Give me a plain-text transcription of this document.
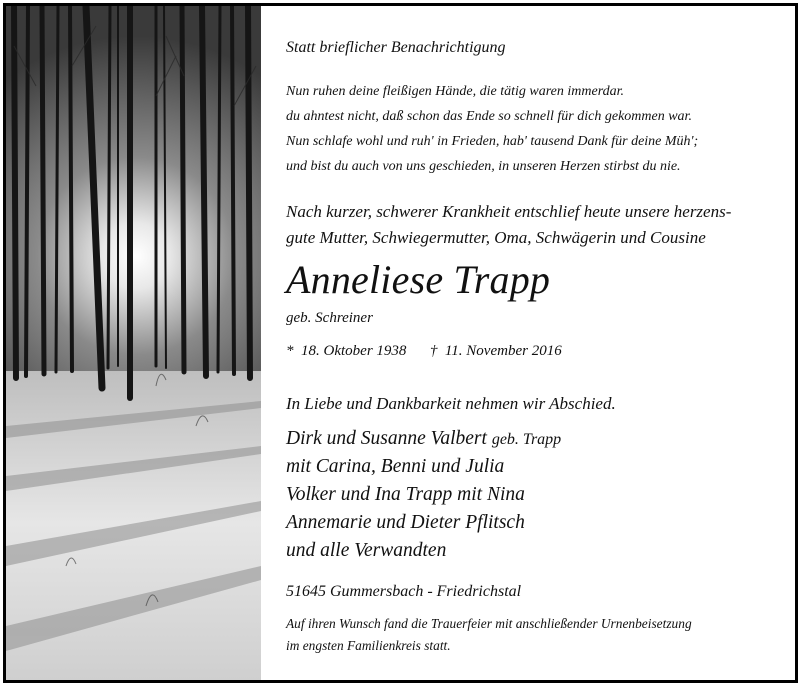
Statt brieflicher Benachrichtigung
Nun ruhen deine fleißigen Hände, die tätig waren immerdar.
du ahntest nicht, daß schon das Ende so schnell für dich gekommen war.
Nun schlafe wohl und ruh' in Frieden, hab' tausend Dank für deine Müh';
und bist du auch von uns geschieden, in unseren Herzen stirbst du nie.
Nach kurzer, schwerer Krankheit entschlief heute unsere herzens-
gute Mutter, Schwiegermutter, Oma, Schwägerin und Cousine
Anneliese Trapp
geb. Schreiner
* 18. Oktober 1938 † 11. November 2016
In Liebe und Dankbarkeit nehmen wir Abschied.
Dirk und Susanne Valbert geb. Trapp
mit Carina, Benni und Julia
Volker und Ina Trapp mit Nina
Annemarie und Dieter Pflitsch
und alle Verwandten
51645 Gummersbach - Friedrichstal
Auf ihren Wunsch fand die Trauerfeier mit anschließender Urnenbeisetzung
im engsten Familienkreis statt.
